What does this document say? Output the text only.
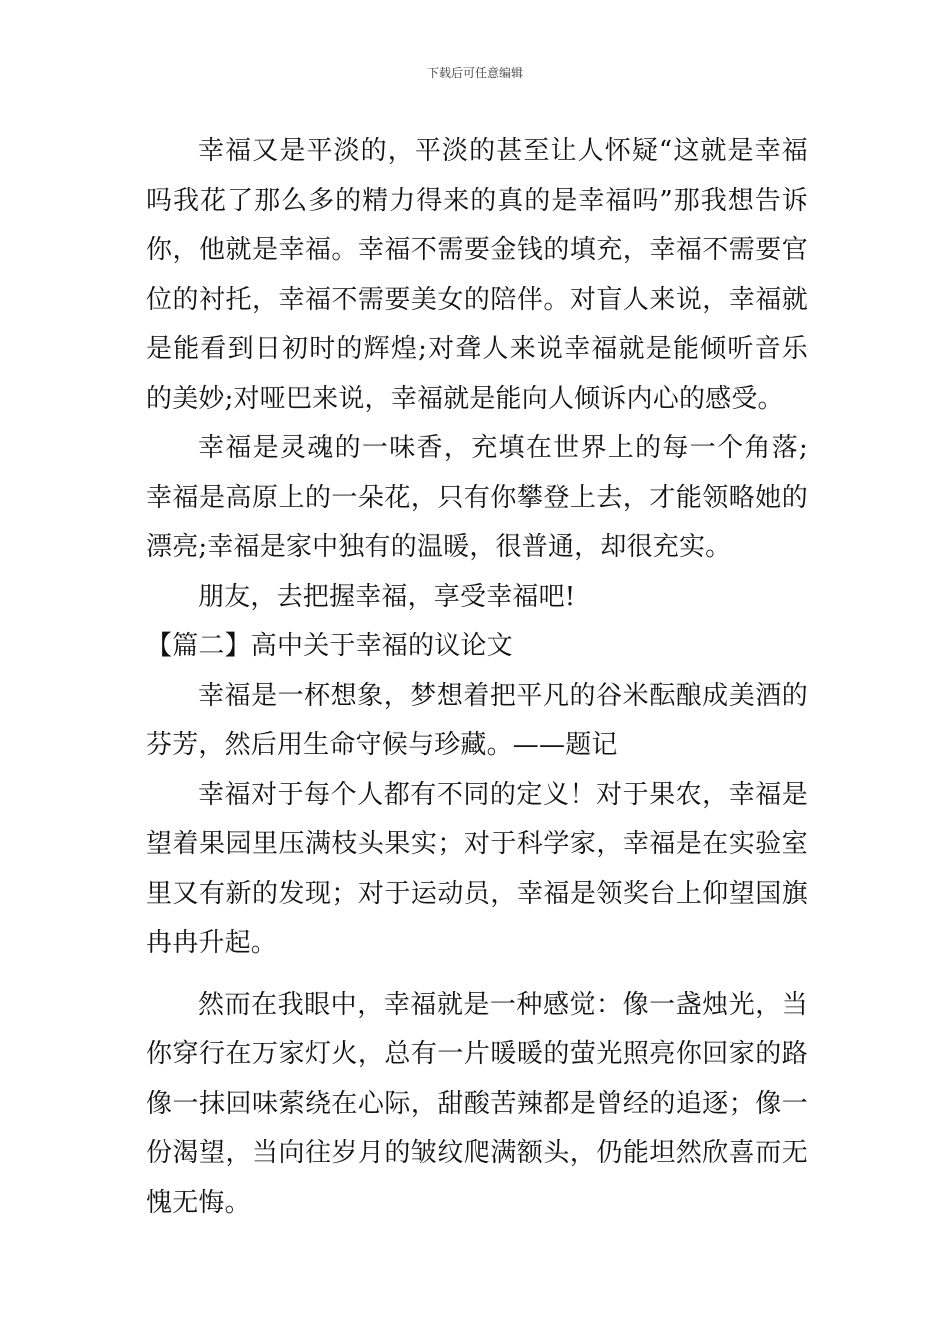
下载后可任意编辑

幸福又是平淡的，平淡的甚至让人怀疑“这就是幸福吗我花了那么多的精力得来的真的是幸福吗”那我想告诉你，他就是幸福。幸福不需要金钱的填充，幸福不需要官位的衬托，幸福不需要美女的陪伴。对盲人来说，幸福就是能看到日初时的辉煌;对聋人来说幸福就是能倾听音乐的美妙;对哑巴来说，幸福就是能向人倾诉内心的感受。

幸福是灵魂的一味香，充填在世界上的每一个角落;幸福是高原上的一朵花，只有你攀登上去，才能领略她的漂亮;幸福是家中独有的温暖，很普通，却很充实。

朋友，去把握幸福，享受幸福吧!

【篇二】高中关于幸福的议论文

幸福是一杯想象，梦想着把平凡的谷米酝酿成美酒的芬芳，然后用生命守候与珍藏。——题记

幸福对于每个人都有不同的定义！对于果农，幸福是望着果园里压满枝头果实；对于科学家，幸福是在实验室里又有新的发现；对于运动员，幸福是领奖台上仰望国旗冉冉升起。

然而在我眼中，幸福就是一种感觉：像一盏烛光，当你穿行在万家灯火，总有一片暖暖的萤光照亮你回家的路像一抹回味萦绕在心际，甜酸苦辣都是曾经的追逐；像一份渴望，当向往岁月的皱纹爬满额头，仍能坦然欣喜而无愧无悔。
